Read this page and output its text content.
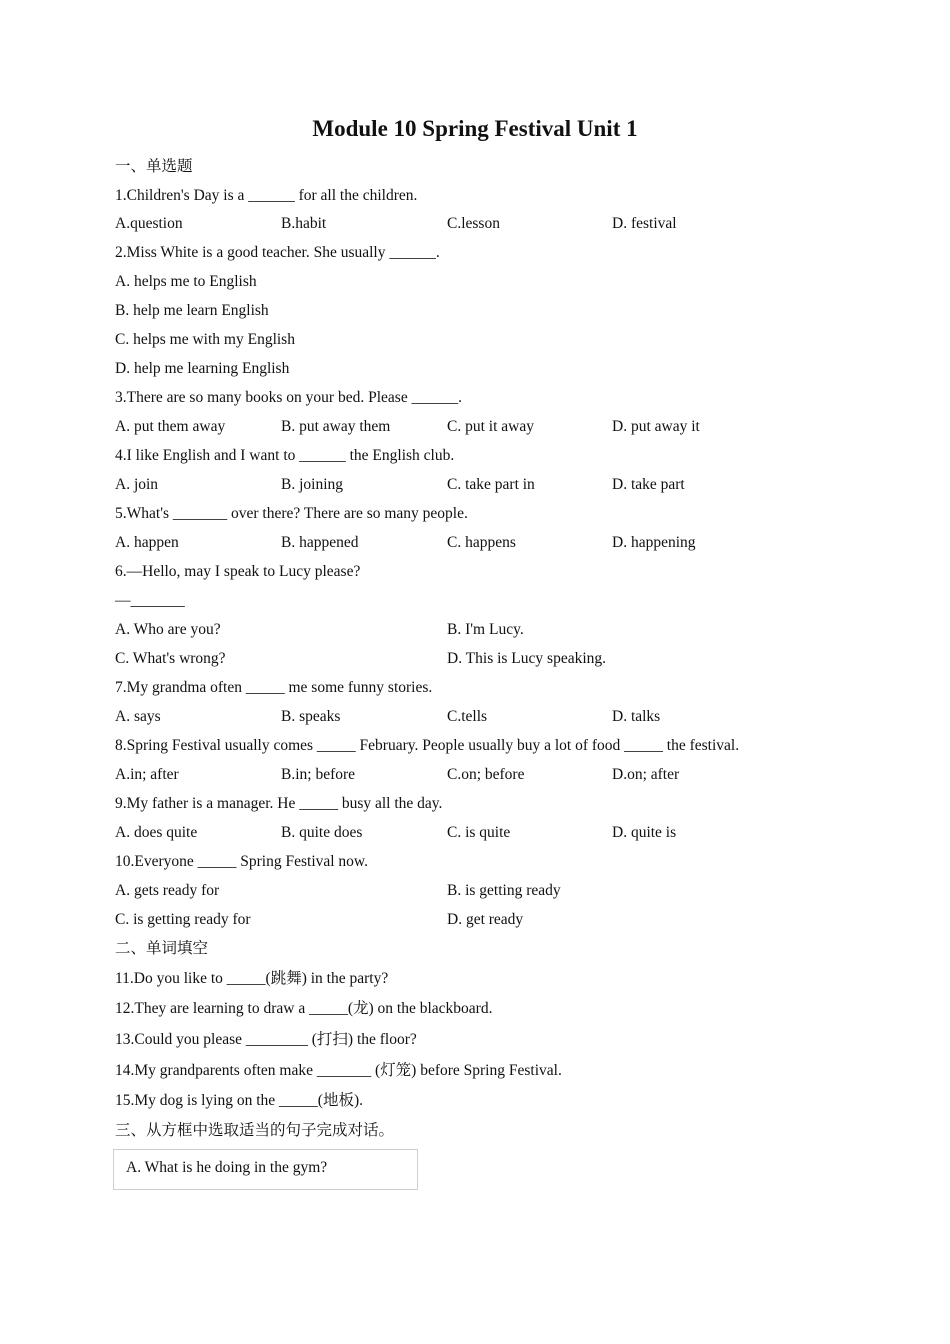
Module 10 Spring Festival Unit 1
一、单选题
1.Children's Day is a ______ for all the children.
A.question	B.habit	C.lesson	D. festival
2.Miss White is a good teacher. She usually ______.
A. helps me to English
B. help me learn English
C. helps me with my English
D. help me learning English
3.There are so many books on your bed. Please ______.
A. put them away	B. put away them	C. put it away	D. put away it
4.I like English and I want to ______ the English club.
A. join	B. joining	C. take part in	D. take part
5.What's _______ over there? There are so many people.
A. happen	B. happened	C. happens	D. happening
6.—Hello, may I speak to Lucy please?
—_______
A. Who are you?	B. I'm Lucy.
C. What's wrong?	D. This is Lucy speaking.
7.My grandma often _____ me some funny stories.
A. says	B. speaks	C.tells	D. talks
8.Spring Festival usually comes _____ February. People usually buy a lot of food _____ the festival.
A.in; after	B.in; before	C.on; before	D.on; after
9.My father is a manager. He _____ busy all the day.
A. does quite	B. quite does	C. is quite	D. quite is
10.Everyone _____ Spring Festival now.
A. gets ready for	B. is getting ready
C. is getting ready for	D. get ready
二、单词填空
11.Do you like to _____(跳舞) in the party?
12.They are learning to draw a _____(龙) on the blackboard.
13.Could you please ________ (打扫) the floor?
14.My grandparents often make _______ (灯笼) before Spring Festival.
15.My dog is lying on the _____(地板).
三、从方框中选取适当的句子完成对话。
A. What is he doing in the gym?
